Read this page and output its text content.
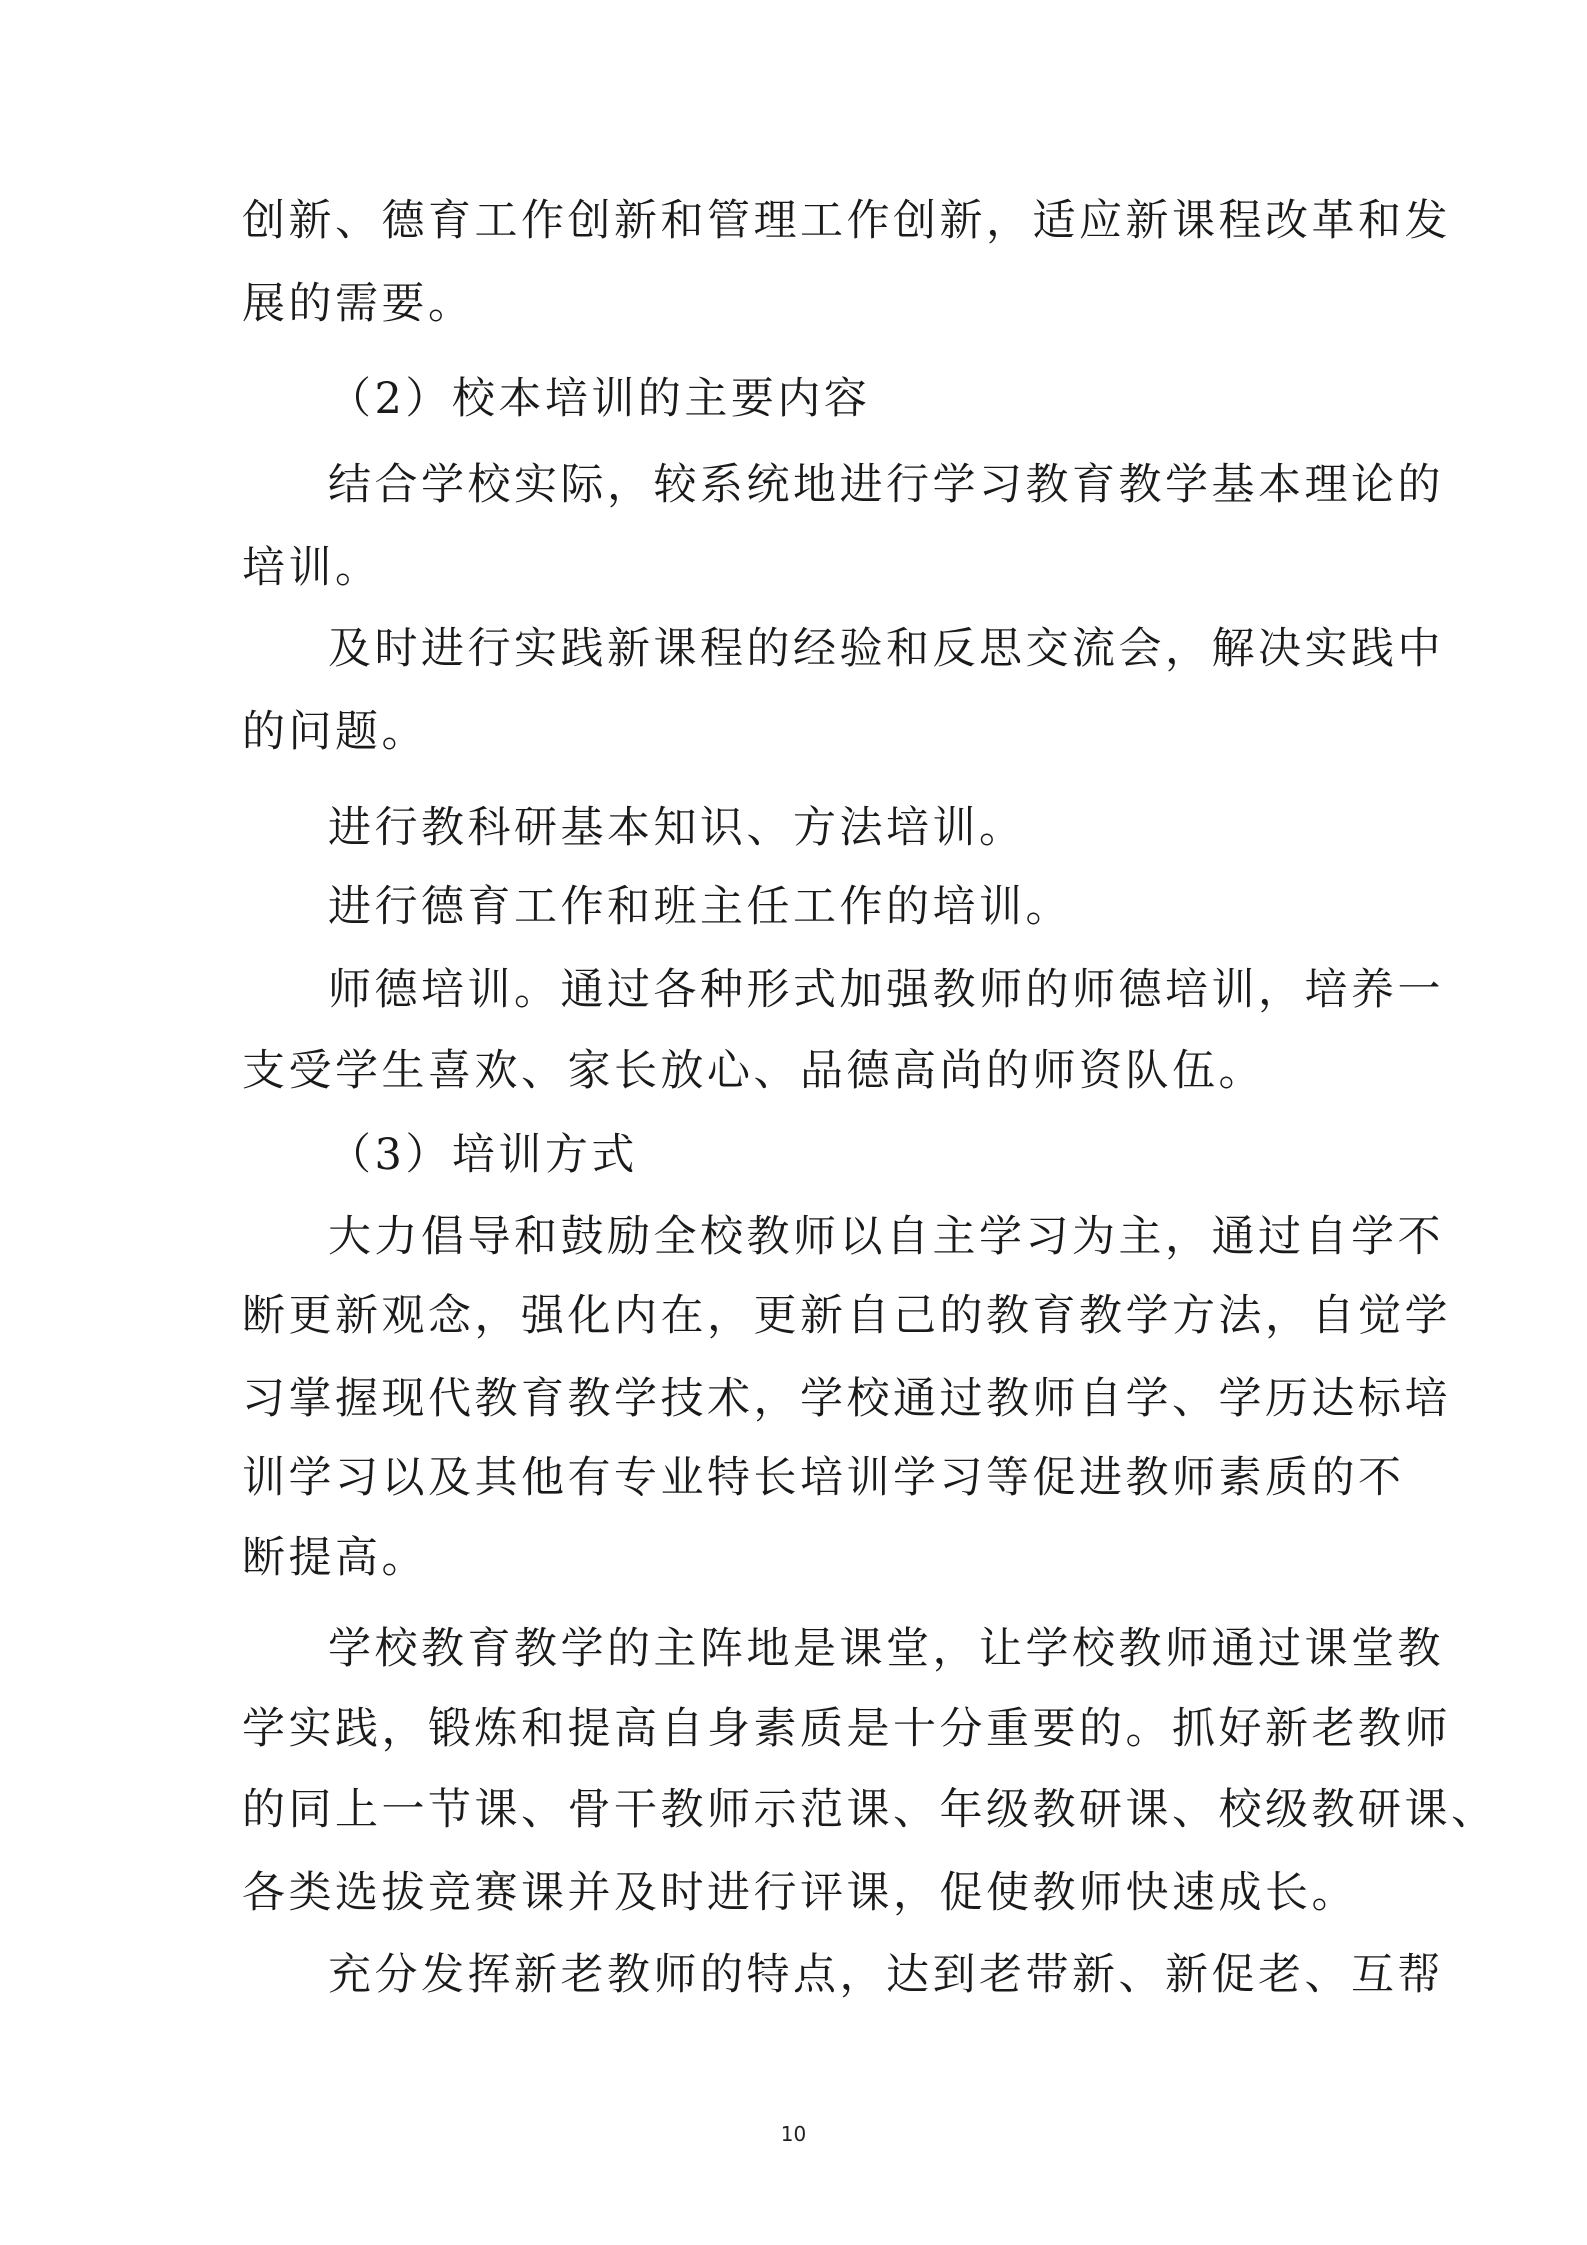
创新、德育工作创新和管理工作创新，适应新课程改革和发
展的需要。
（2）校本培训的主要内容
结合学校实际，较系统地进行学习教育教学基本理论的
培训。
及时进行实践新课程的经验和反思交流会，解决实践中
的问题。
进行教科研基本知识、方法培训。
进行德育工作和班主任工作的培训。
师德培训。通过各种形式加强教师的师德培训，培养一
支受学生喜欢、家长放心、品德高尚的师资队伍。
（3）培训方式
大力倡导和鼓励全校教师以自主学习为主，通过自学不
断更新观念，强化内在，更新自己的教育教学方法，自觉学
习掌握现代教育教学技术，学校通过教师自学、学历达标培
训学习以及其他有专业特长培训学习等促进教师素质的不
断提高。
学校教育教学的主阵地是课堂，让学校教师通过课堂教
学实践，锻炼和提高自身素质是十分重要的。抓好新老教师
的同上一节课、骨干教师示范课、年级教研课、校级教研课、
各类选拔竞赛课并及时进行评课，促使教师快速成长。
充分发挥新老教师的特点，达到老带新、新促老、互帮
10
